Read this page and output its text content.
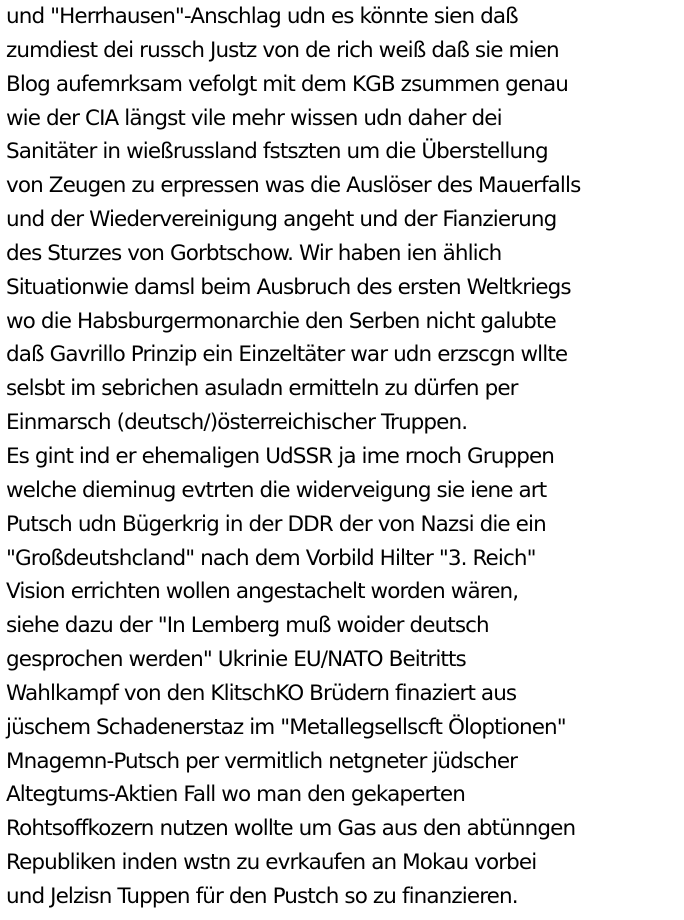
und "Herrhausen"-Anschlag udn es könnte sien daß
zumdiest dei russch Justz von de rich weiß daß sie mien
Blog aufemrksam vefolgt mit dem KGB zsummen genau
wie der CIA längst vile mehr wissen udn daher dei
Sanitäter in wießrussland fstszten um die Überstellung
von Zeugen zu erpressen was die Auslöser des Mauerfalls
und der Wiedervereinigung angeht und der Fianzierung
des Sturzes von Gorbtschow. Wir haben ien ählich
Situationwie damsl beim Ausbruch des ersten Weltkriegs
wo die Habsburgermonarchie den Serben nicht galubte
daß Gavrillo Prinzip ein Einzeltäter war udn erzscgn wllte
selsbt im sebrichen asuladn ermitteln zu dürfen per
Einmarsch (deutsch/)österreichischer Truppen.
Es gint ind er ehemaligen UdSSR ja ime rnoch Gruppen
welche dieminug evtrten die widerveigung sie iene art
Putsch udn Bügerkrig in der DDR der von Nazsi die ein
"Großdeutshcland" nach dem Vorbild Hilter "3. Reich"
Vision errichten wollen angestachelt worden wären,
siehe dazu der "In Lemberg muß woider deutsch
gesprochen werden" Ukrinie EU/NATO Beitritts
Wahlkampf von den KlitschKO Brüdern finaziert aus
jüschem Schadenerstaz im "Metallegsellscft Öloptionen"
Mnagemn-Putsch per vermitlich netgneter jüdscher
Altegtums-Aktien Fall wo man den gekaperten
Rohtsoffkozern nutzen wollte um Gas aus den abtünngen
Republiken inden wstn zu evrkaufen an Mokau vorbei
und Jelzisn Tuppen für den Pustch so zu finanzieren.
